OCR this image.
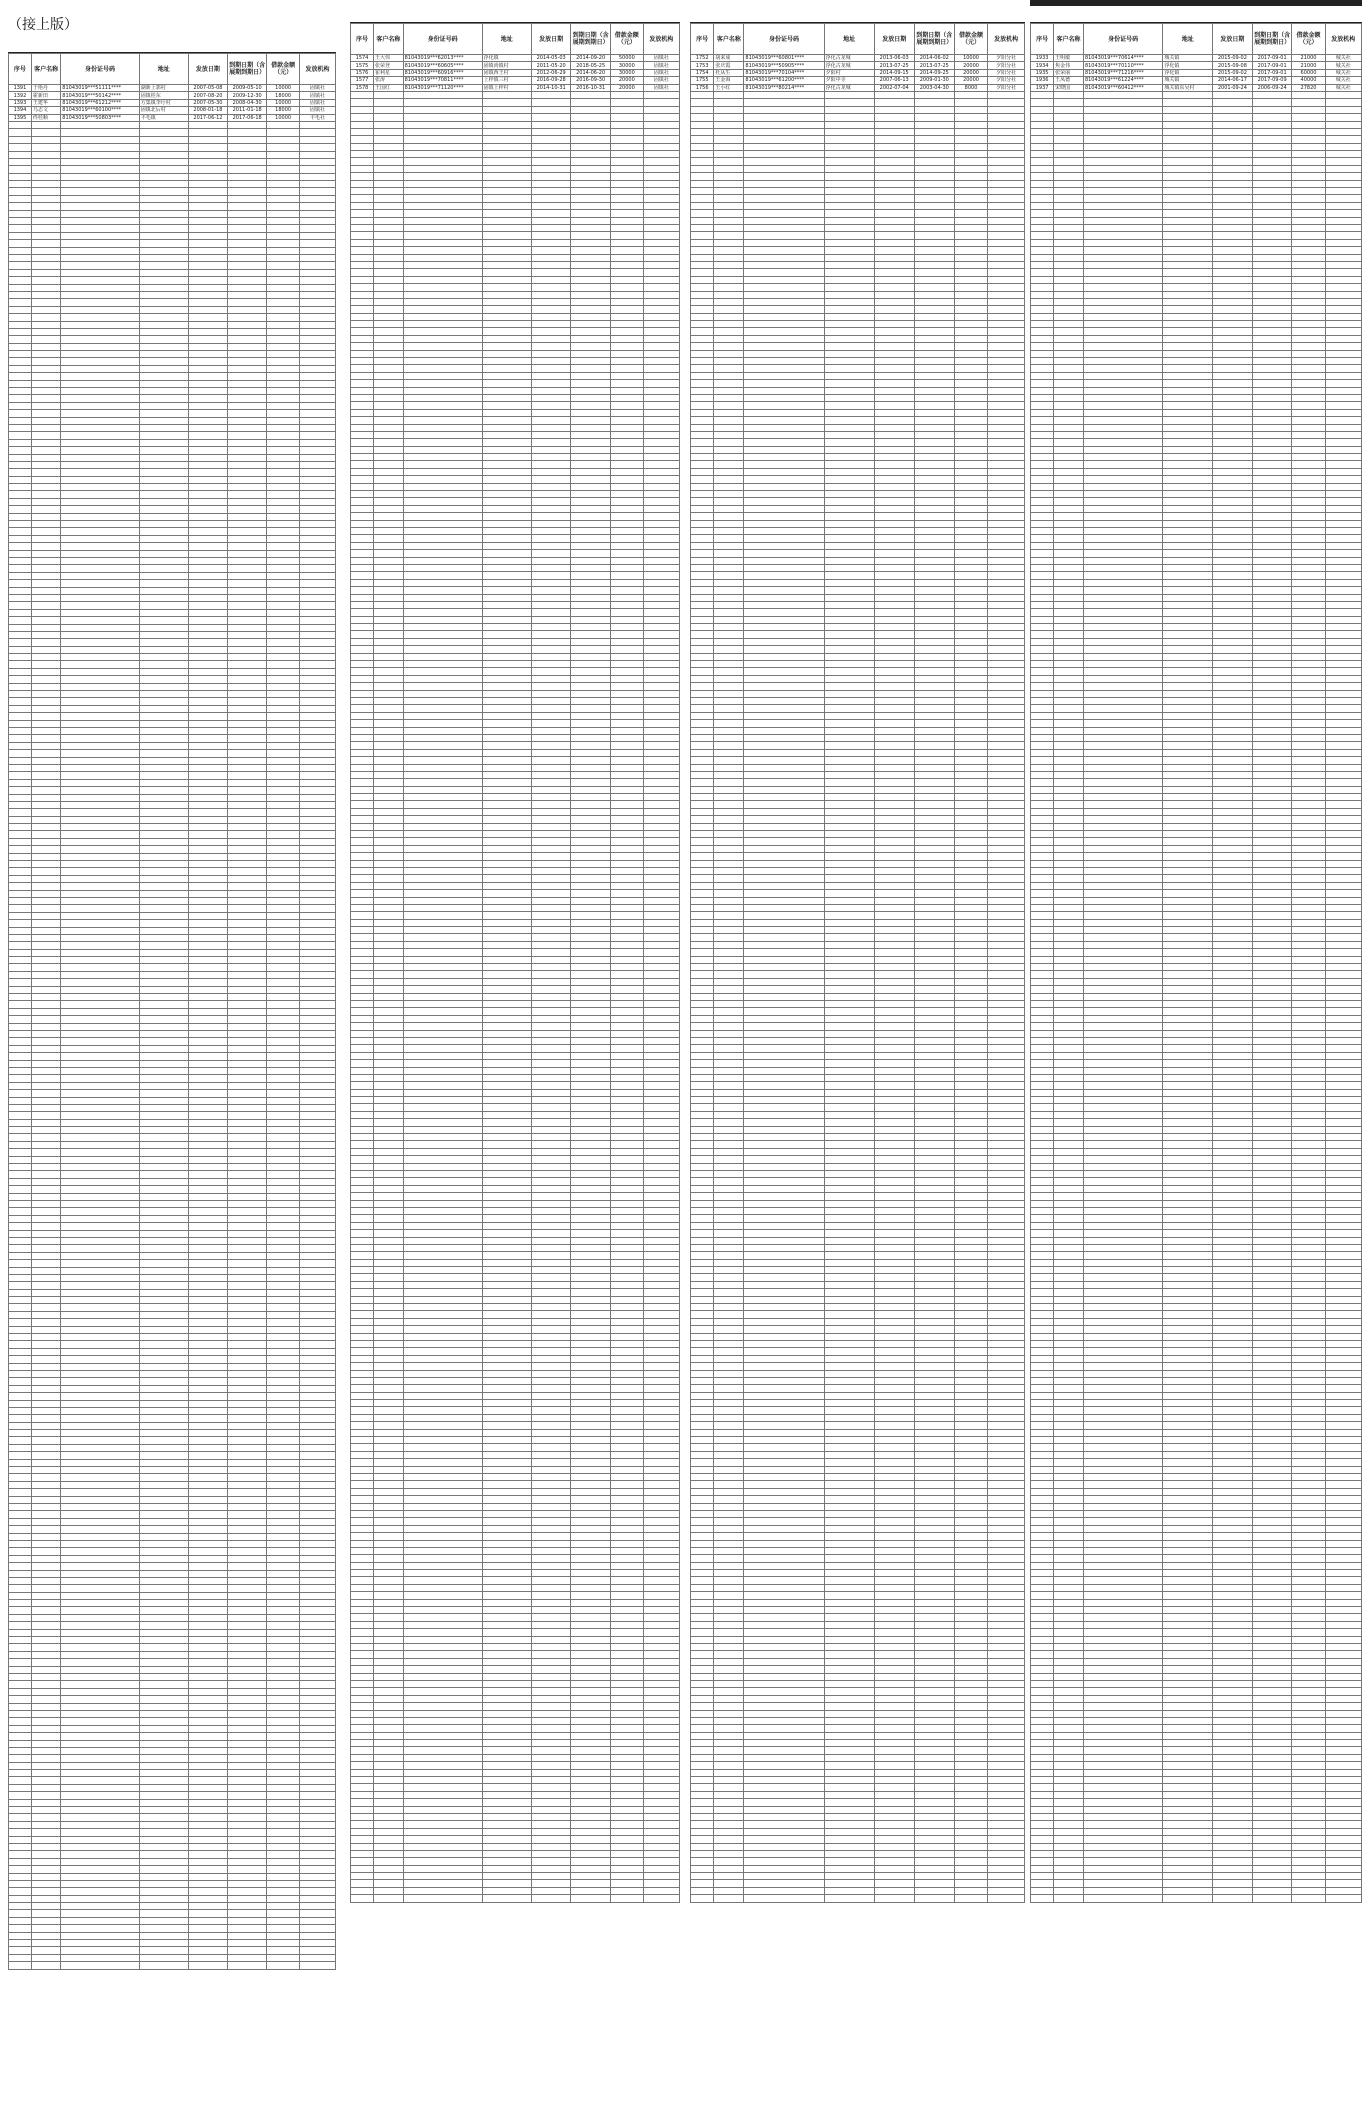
（接上版）
序号	客户名称	身份证号码	地址	发放日期	到期日期（含展期到期日）	借款金额（元）	发放机构
1391	于艳丹	81043019***51111****	湖新上郭村	2007-05-08	2009-05-10	10000	固镇社
1392	霍新田	81043019***50142****	固镇桂东	2007-08-20	2009-12-30	18000	固镇社
1393	王建华	81043019***61212****	方集镇李圩村	2007-05-30	2008-04-30	10000	固镇社
1394	乌志文	81043019***60100****	固镇北后村	2008-01-18	2011-01-18	18000	固镇社
1395	佟桂顺	81043019***50803****	丰毛镇	2017-06-12	2017-06-18	10000	丰毛社

序号	客户名称	身份证号码	地址	发放日期	到期日期（含展期到期日）	借款金额（元）	发放机构
1574	王大伟	81043019***62013****	浮化镇	2014-05-03	2014-09-20	50000	固镇社
1575	张荣登	81043019***60605****	固镇尚镇村	2011-05-20	2018-05-25	30000	固镇社
1576	崔利星	81043019***60916****	固镇西王村	2012-06-29	2014-06-20	30000	固镇社
1577	张涛	81043019***70811****	上梓镇三村	2016-09-28	2016-09-30	20000	固镇社
1578	王国红	81043019***71120****	固镇上梓村	2014-10-31	2016-10-31	20000	固镇社

序号	客户名称	身份证号码	地址	发放日期	到期日期（含展期到期日）	借款金额（元）	发放机构
1752	胡来成	81043019***60801****	浮化古龙城	2013-06-03	2014-06-02	10000	夕阳分社
1753	张庆霞	81043019***50905****	浮化古龙城	2013-07-25	2013-07-25	20000	夕阳分社
1754	杜从生	81043019***70104****	夕阳村	2014-09-15	2014-09-25	20000	夕阳分社
1755	王金海	81043019***61200****	夕阳中寺	2007-06-13	2009-01-30	20000	夕阳分社
1756	王小红	81043019***80214****	浮化古龙城	2002-07-04	2003-04-30	8000	夕阳分社

序号	客户名称	身份证号码	地址	发放日期	到期日期（含展期到期日）	借款金额（元）	发放机构
1933	王明敏	81043019***70614****	城关镇	2015-09-02	2017-09-01	21000	城关社
1934	焦金伟	81043019***70110****	浮化镇	2015-09-08	2017-09-01	21000	城关社
1935	张荣丽	81043019***71216****	浮化镇	2015-09-02	2017-09-01	60000	城关社
1936	王凤德	81043019***61224****	城关镇	2014-06-17	2017-09-09	40000	城关社
1937	宋晓国	81043019***60412****	城关镇东吴村	2001-09-24	2006-09-24	27820	城关社
